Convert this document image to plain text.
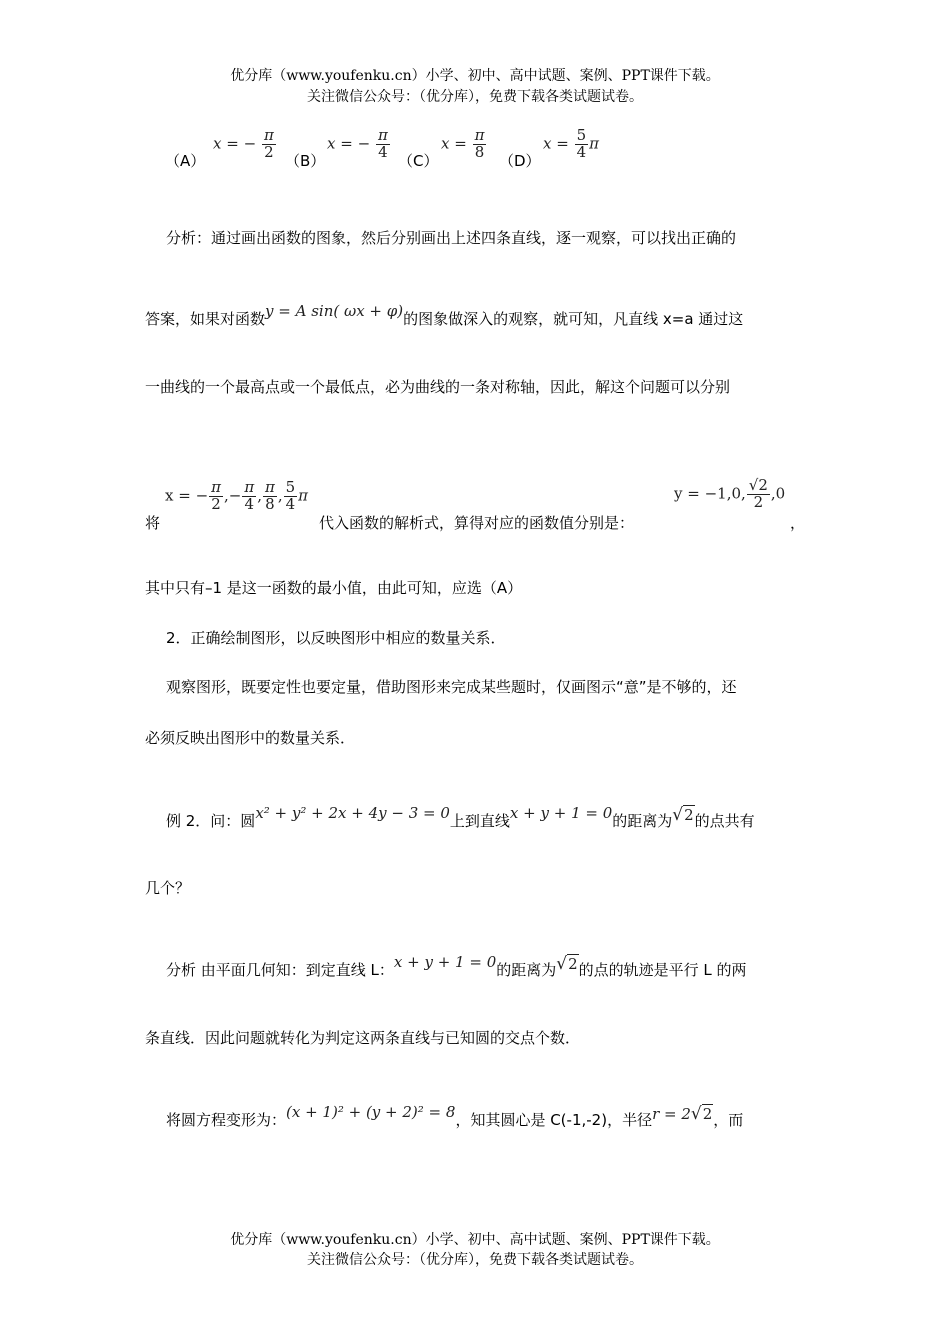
优分库（www.youfenku.cn）小学、初中、高中试题、案例、PPT课件下载。
关注微信公众号：（优分库），免费下载各类试题试卷。
（A）
x = − $\frac{\pi}{2}$
（B）
x = − $\frac{\pi}{4}$
（C）
$x = \frac{\pi}{8}$
（D）
$x = \frac{5}{4}$ π
分析：通过画出函数的图象，然后分别画出上述四条直线，逐一观察，可以找出正确的
答案，如果对函数y = A sin( ωx + φ)的图象做深入的观察，就可知，凡直线 x=a 通过这
一曲线的一个最高点或一个最低点，必为曲线的一条对称轴，因此，解这个问题可以分别
将
x = − $\frac{\pi}{2}$ ,− $\frac{\pi}{4}$ , $\frac{\pi}{8}$ , $\frac{5}{4}$ π
代入函数的解析式，算得对应的函数值分别是：
y = −1,0, $\frac{√2}{2} ,0$
，
其中只有–1 是这一函数的最小值，由此可知，应选（A）
2．正确绘制图形，以反映图形中相应的数量关系．
观察图形，既要定性也要定量，借助图形来完成某些题时，仅画图示“意”是不够的，还
必须反映出图形中的数量关系．
例 2．问：圆x² + y² + 2x + 4y − 3 = 0上到直线x + y + 1 = 0的距离为√2的点共有
几个？
分析 由平面几何知：到定直线 L：x + y + 1 = 0的距离为√2的点的轨迹是平行 L 的两
条直线．因此问题就转化为判定这两条直线与已知圆的交点个数．
将圆方程变形为：(x + 1)² + (y + 2)² = 8，知其圆心是 C(-1,-2)，半径r = 2√2，而
优分库（www.youfenku.cn）小学、初中、高中试题、案例、PPT课件下载。
关注微信公众号：（优分库），免费下载各类试题试卷。
